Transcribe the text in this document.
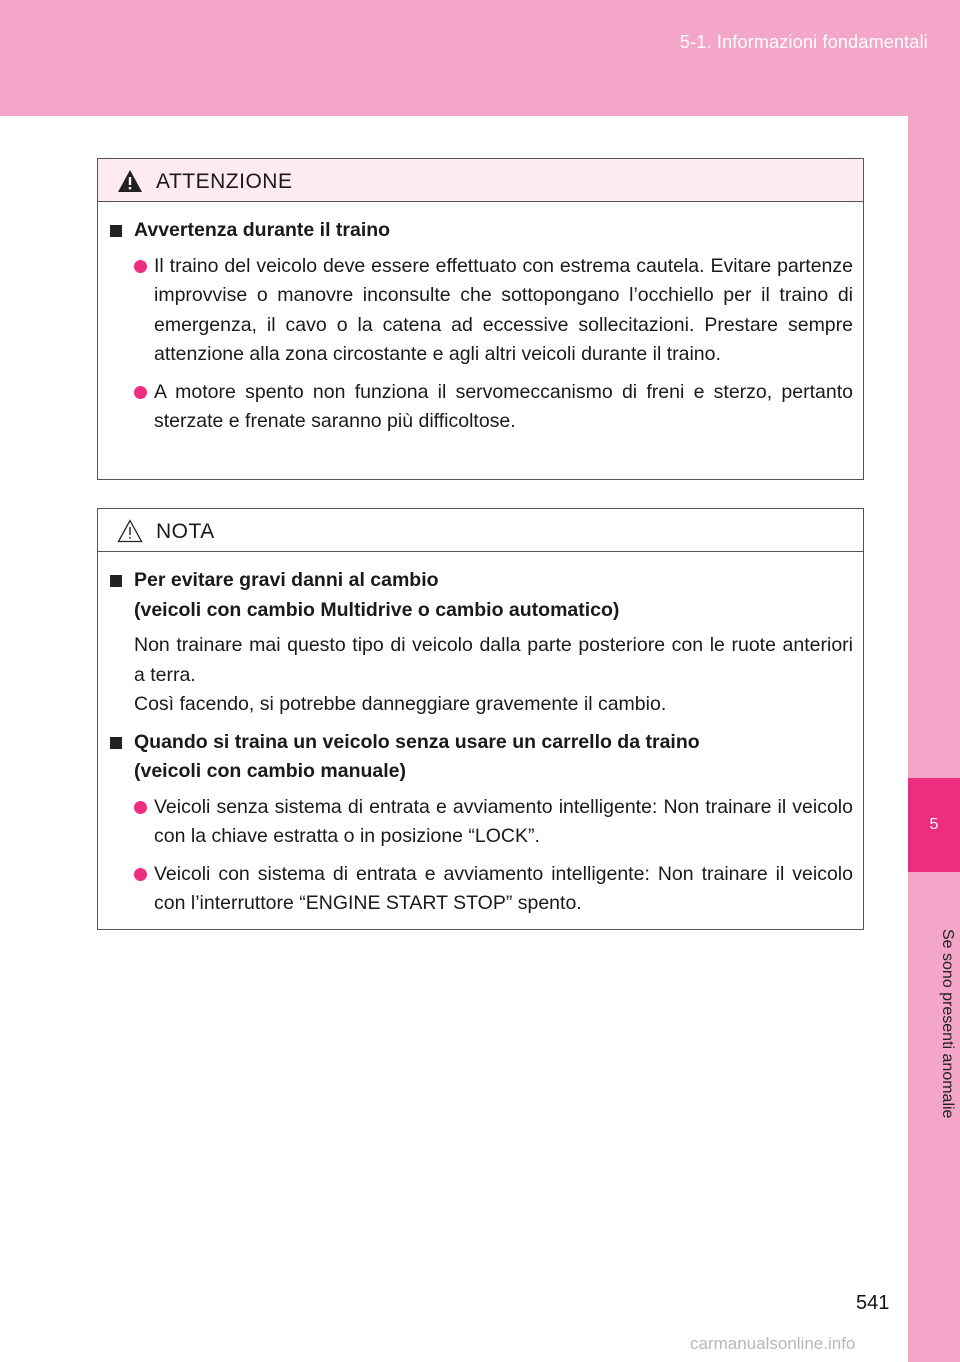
5-1. Informazioni fondamentali
5
Se sono presenti anomalie
ATTENZIONE
Avvertenza durante il traino
Il traino del veicolo deve essere effettuato con estrema cautela. Evitare partenze improvvise o manovre inconsulte che sottopongano l’occhiello per il traino di emergenza, il cavo o la catena ad eccessive sollecitazioni. Prestare sempre attenzione alla zona circostante e agli altri veicoli durante il traino.
A motore spento non funziona il servomeccanismo di freni e sterzo, pertanto sterzate e frenate saranno più difficoltose.
NOTA
Per evitare gravi danni al cambio
(veicoli con cambio Multidrive o cambio automatico)
Non trainare mai questo tipo di veicolo dalla parte posteriore con le ruote anteriori a terra.
Così facendo, si potrebbe danneggiare gravemente il cambio.
Quando si traina un veicolo senza usare un carrello da traino
(veicoli con cambio manuale)
Veicoli senza sistema di entrata e avviamento intelligente: Non trainare il veicolo con la chiave estratta o in posizione “LOCK”.
Veicoli con sistema di entrata e avviamento intelligente: Non trainare il veicolo con l’interruttore “ENGINE START STOP” spento.
541
carmanualsonline.info
